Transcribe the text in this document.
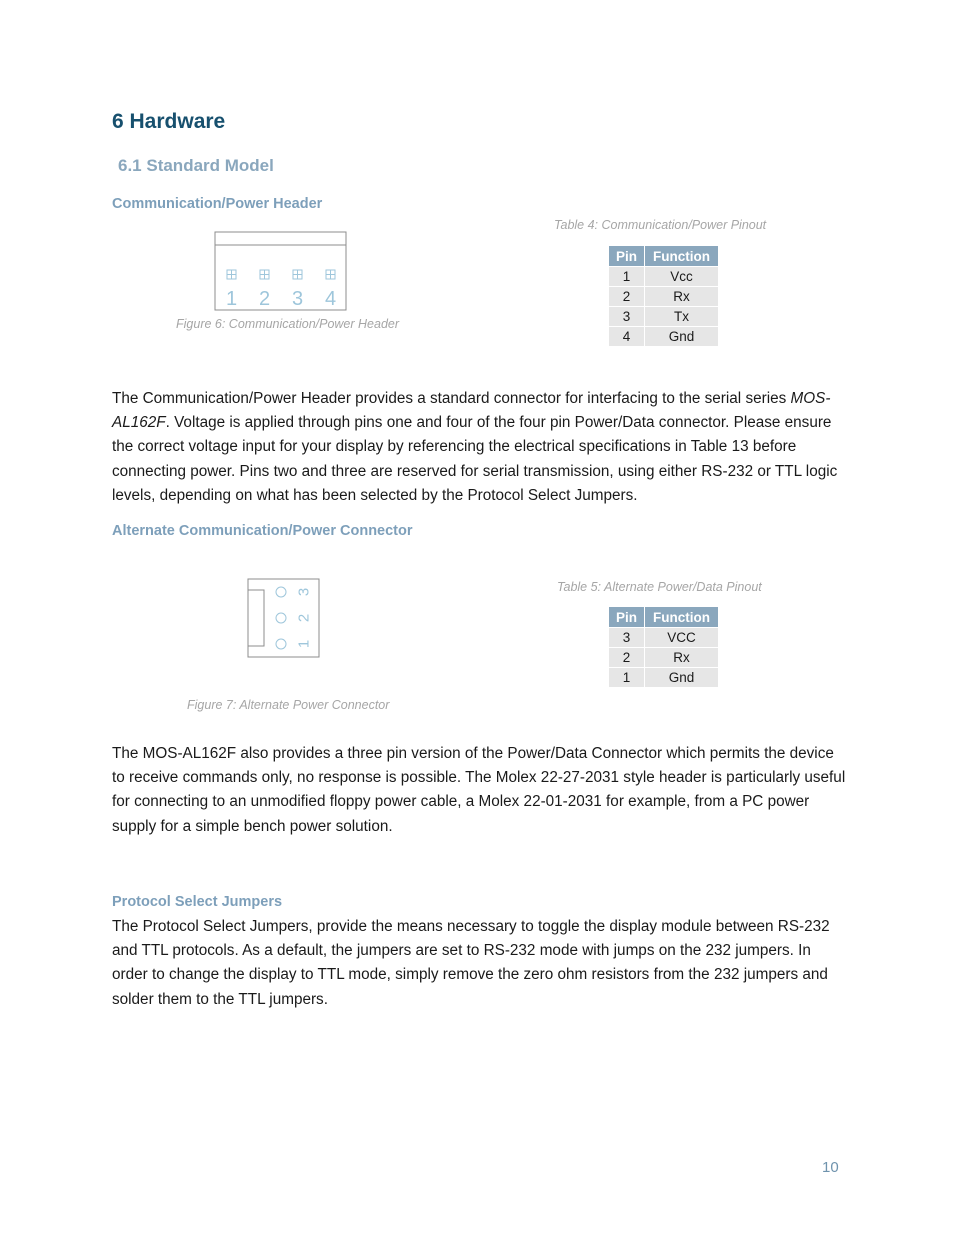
6 Hardware
6.1 Standard Model
Communication/Power Header
1 2 3 4
Figure 6: Communication/Power Header
Table 4: Communication/Power Pinout
Pin	Function
1	Vcc
2	Rx
3	Tx
4	Gnd

The Communication/Power Header provides a standard connector for interfacing to the serial series MOS-AL162F. Voltage is applied through pins one and four of the four pin Power/Data connector. Please ensure the correct voltage input for your display by referencing the electrical specifications in Table 13 before connecting power. Pins two and three are reserved for serial transmission, using either RS-232 or TTL logic levels, depending on what has been selected by the Protocol Select Jumpers.

Alternate Communication/Power Connector
3
2
1
Figure 7: Alternate Power Connector
Table 5: Alternate Power/Data Pinout
Pin	Function
3	VCC
2	Rx
1	Gnd

The MOS-AL162F also provides a three pin version of the Power/Data Connector which permits the device to receive commands only, no response is possible. The Molex 22-27-2031 style header is particularly useful for connecting to an unmodified floppy power cable, a Molex 22-01-2031 for example, from a PC power supply for a simple bench power solution.

Protocol Select Jumpers

The Protocol Select Jumpers, provide the means necessary to toggle the display module between RS-232 and TTL protocols. As a default, the jumpers are set to RS-232 mode with jumps on the 232 jumpers. In order to change the display to TTL mode, simply remove the zero ohm resistors from the 232 jumpers and solder them to the TTL jumpers.

10
